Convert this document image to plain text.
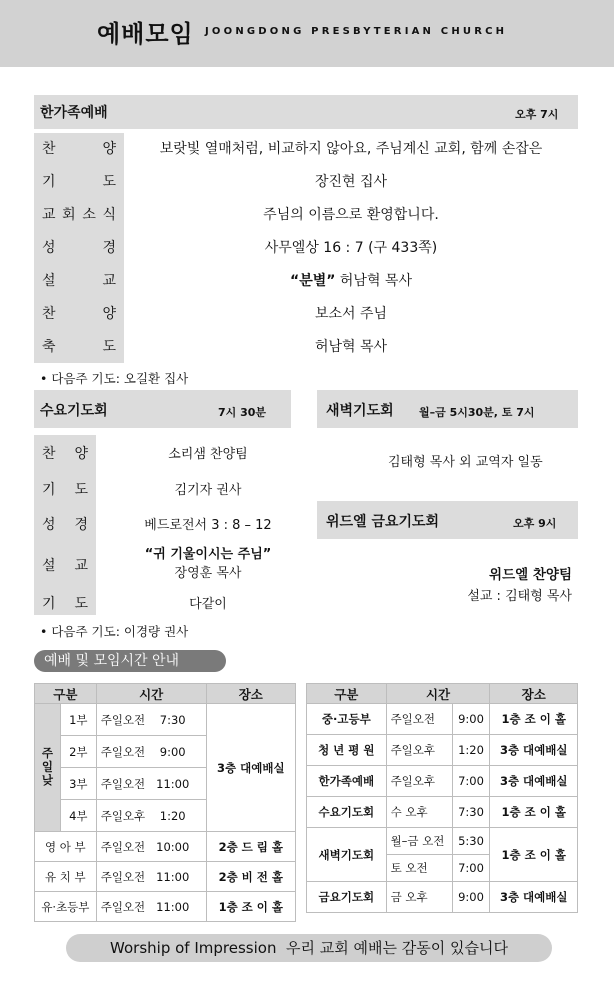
예배모임 JOONGDONG PRESBYTERIAN CHURCH
한가족예배	오후 7시
찬	양	보랏빛 열매처럼, 비교하지 않아요, 주님계신 교회, 함께 손잡은
기	도	장진현 집사
교 회 소 식	주님의 이름으로 환영합니다.
성	경	사무엘상 16 : 7 (구 433쪽)
설	교	“분별” 허남혁 목사
찬	양	보소서 주님
축	도	허남혁 목사
• 다음주 기도: 오길환 집사
수요기도회	7시 30분
찬 양	소리샘 찬양팀
기 도	김기자 권사
성 경	베드로전서 3 : 8 – 12
설 교
“귀 기울이시는 주님”
장영훈 목사
기 도	다같이
• 다음주 기도: 이경량 권사
새벽기도회 월–금 5시30분, 토 7시
김태형 목사 외 교역자 일동
위드엘 금요기도회	오후 9시
위드엘 찬양팀
설교 : 김태형 목사
예배 및 모임시간 안내
구분		시간	장소
주일낮	1부	주일오전 7:30	3층 대예배실
	2부	주일오전 9:00	
	3부	주일오전 11:00	
	4부	주일오후 1:20	
영 아 부		주일오전 10:00	2층 드 림 홀
유 치 부		주일오전 11:00	2층 비 전 홀
유·초등부		주일오전 11:00	1층 조 이 홀
구분	시간		장소
중·고등부	주일오전	9:00	1층 조 이 홀
청 년 평 원	주일오후	1:20	3층 대예배실
한가족예배	주일오후	7:00	3층 대예배실
수요기도회	수 오후	7:30	1층 조 이 홀
새벽기도회	월–금 오전	5:30	1층 조 이 홀
	토 오전	7:00	
금요기도회	금 오후	9:00	3층 대예배실
Worship of Impression 우리 교회 예배는 감동이 있습니다
